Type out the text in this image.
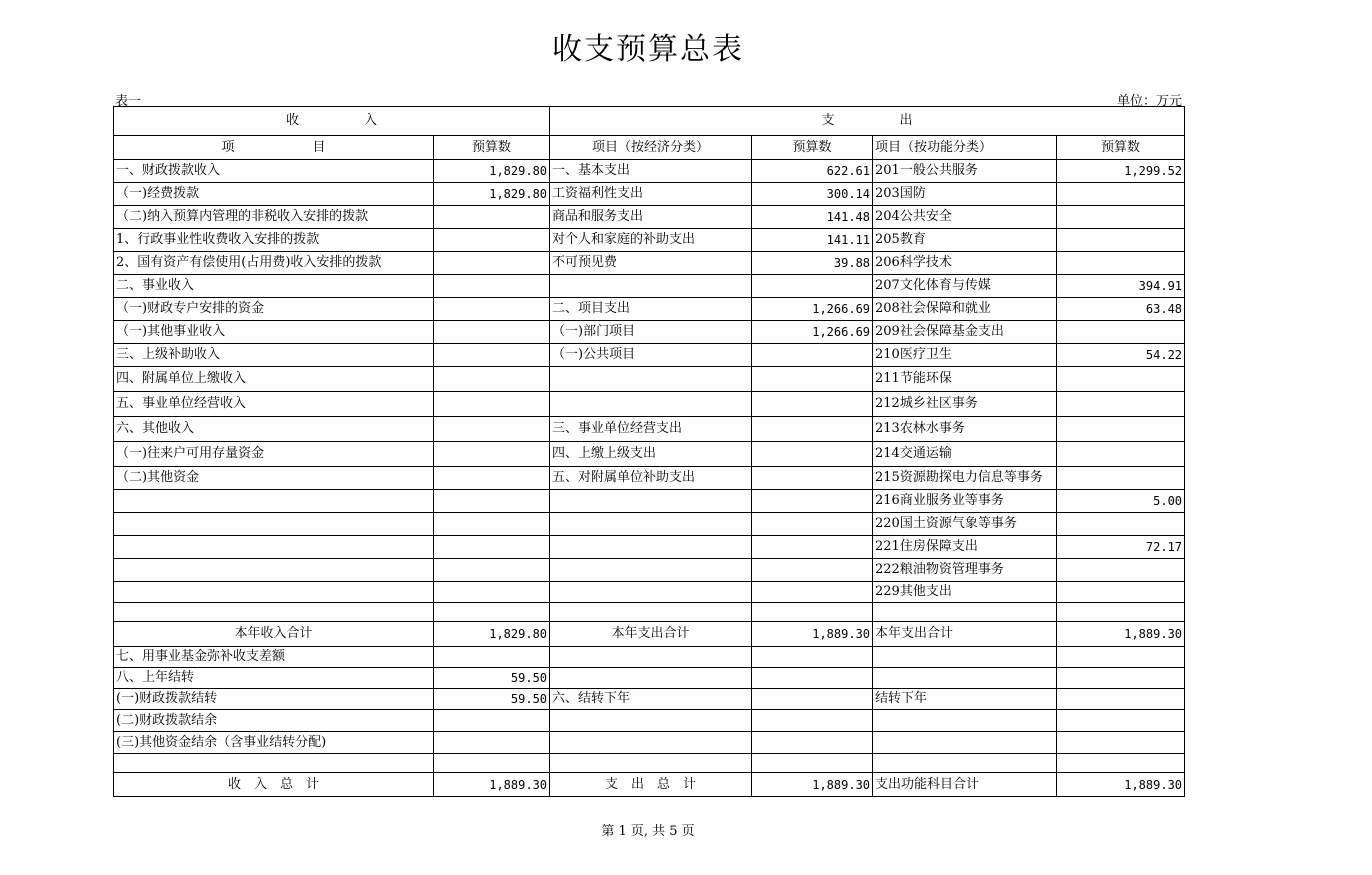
收支预算总表
表一	单位：万元
收　　　　　入		支　　　　　出			
项　　　　　　目	预算数	项目（按经济分类）	预算数	项目（按功能分类）	预算数
一、财政拨款收入	1,829.80	一、基本支出	622.61	201一般公共服务	1,299.52
（一)经费拨款	1,829.80	工资福利性支出	300.14	203国防	
（二)纳入预算内管理的非税收入安排的拨款		商品和服务支出	141.48	204公共安全	
1、行政事业性收费收入安排的拨款		对个人和家庭的补助支出	141.11	205教育	
2、国有资产有偿使用(占用费)收入安排的拨款		不可预见费	39.88	206科学技术	
二、事业收入				207文化体育与传媒	394.91
（一)财政专户安排的资金		二、项目支出	1,266.69	208社会保障和就业	63.48
（一)其他事业收入		（一)部门项目	1,266.69	209社会保障基金支出	
三、上级补助收入		（一)公共项目		210医疗卫生	54.22
四、附属单位上缴收入				211节能环保	
五、事业单位经营收入				212城乡社区事务	
六、其他收入		三、事业单位经营支出		213农林水事务	
（一)往来户可用存量资金		四、上缴上级支出		214交通运输	
（二)其他资金		五、对附属单位补助支出		215资源勘探电力信息等事务	
				216商业服务业等事务	5.00
				220国土资源气象等事务	
				221住房保障支出	72.17
				222粮油物资管理事务	
				229其他支出	

本年收入合计	1,829.80	本年支出合计	1,889.30	本年支出合计	1,889.30
七、用事业基金弥补收支差额					
八、上年结转	59.50				
(一)财政拨款结转	59.50	六、结转下年		结转下年	
(二)财政拨款结余					
(三)其他资金结余（含事业结转分配)					

收　入　总　计	1,889.30	支　出　总　计	1,889.30	支出功能科目合计	1,889.30
第 1 页, 共 5 页
